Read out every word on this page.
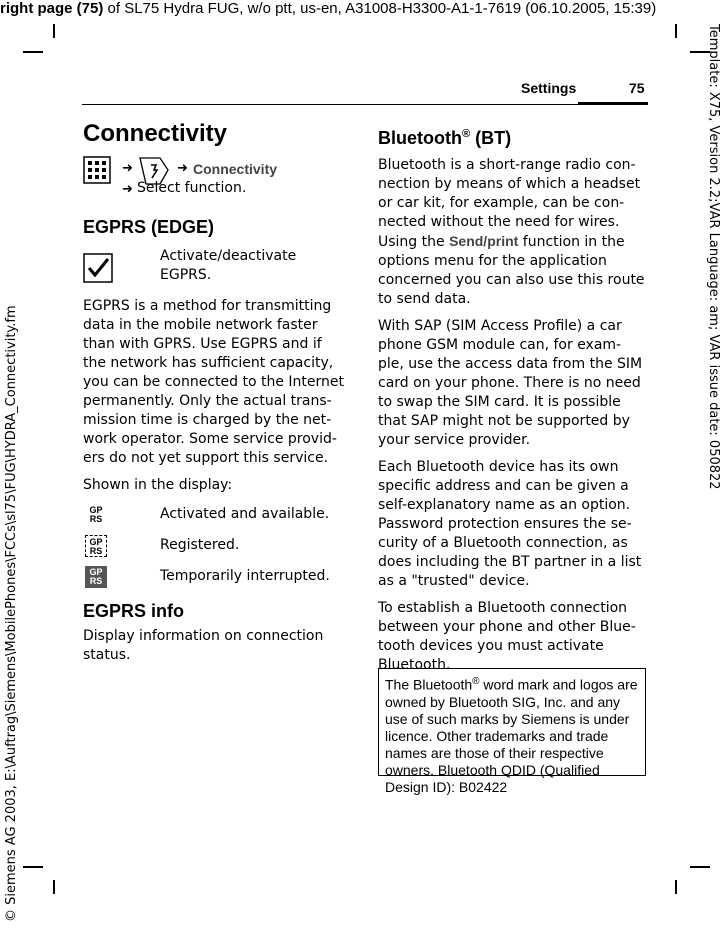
right page (75) of SL75 Hydra FUG, w/o ptt, us-en, A31008-H3300-A1-1-7619 (06.10.2005, 15:39)
Template: X75, Version 2.2;VAR Language: am; VAR issue date: 050822
© Siemens AG 2003, E:\Auftrag\Siemens\MobilePhones\FCCs\sl75\FUG\HYDRA_Connectivity.fm
Settings	75
Connectivity
➜	➜ Connectivity
➜ Select function.
EGPRS (EDGE)
Activate/deactivate EGPRS.

EGPRS is a method for transmitting data in the mobile network faster than with GPRS. Use EGPRS and if the network has sufficient capacity, you can be connected to the Internet permanently. Only the actual trans-mission time is charged by the net-work operator. Some service provid-ers do not yet support this service.

Shown in the display:

GP
RS	Activated and available.
GP
RS	Registered.
GP
RS	Temporarily interrupted.
EGPRS info

Display information on connection status.

Bluetooth® (BT)

Bluetooth is a short-range radio con-nection by means of which a headset or car kit, for example, can be con-nected without the need for wires. Using the Send/print function in the options menu for the application concerned you can also use this route to send data.

With SAP (SIM Access Profile) a car phone GSM module can, for exam-ple, use the access data from the SIM card on your phone. There is no need to swap the SIM card. It is possible that SAP might not be supported by your service provider.

Each Bluetooth device has its own specific address and can be given a self-explanatory name as an option. Password protection ensures the se-curity of a Bluetooth connection, as does including the BT partner in a list as a "trusted" device.

To establish a Bluetooth connection between your phone and other Blue-tooth devices you must activate Bluetooth.

The Bluetooth® word mark and logos are owned by Bluetooth SIG, Inc. and any use of such marks by Siemens is under licence. Other trademarks and trade names are those of their respective owners. Bluetooth QDID (Qualified Design ID): B02422
